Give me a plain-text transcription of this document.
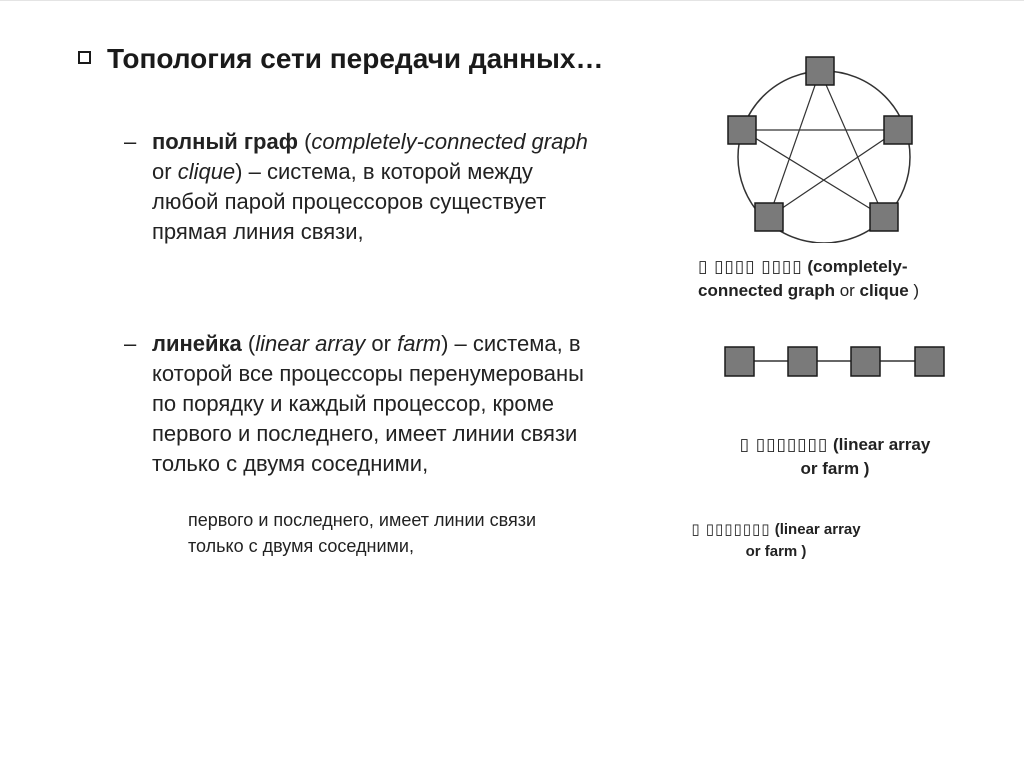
Топология сети передачи данных…
– полный граф (completely-connected graph
or clique) – система, в которой между
любой парой процессоров существует
прямая линия связи,
– линейка (linear array or farm) – система, в
которой все процессоры перенумерованы
по порядку и каждый процессор, кроме
первого и последнего, имеет линии связи
только с двумя соседними,
первого и последнего, имеет линии связи
только с двумя соседними,
▯ ▯▯▯▯ ▯▯▯▯ (completely-
connected graph or clique )
▯ ▯▯▯▯▯▯▯ (linear array
or farm )
▯ ▯▯▯▯▯▯▯ (linear array
or farm )
